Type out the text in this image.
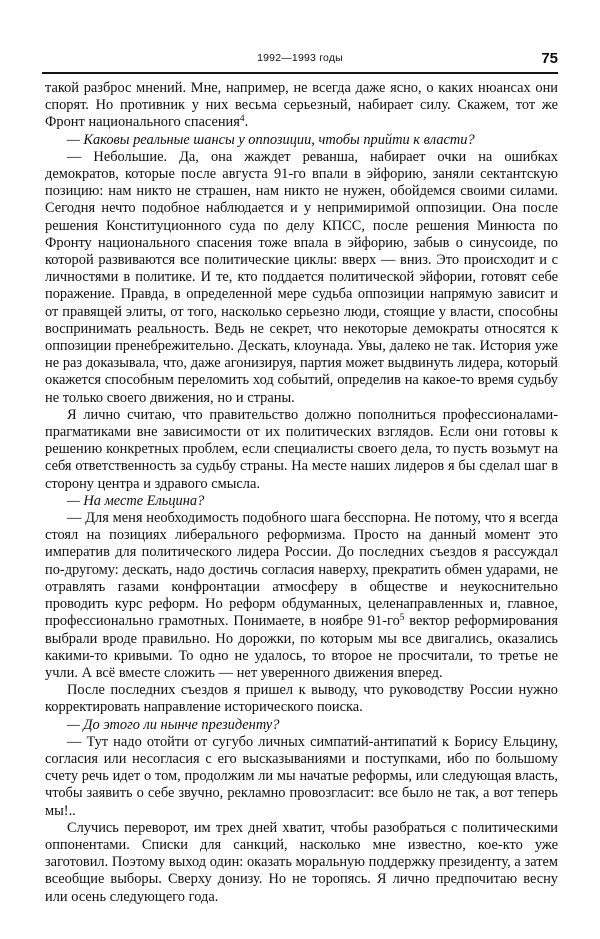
1992—1993 годы	75

такой разброс мнений. Мне, например, не всегда даже ясно, о каких нюансах они спорят. Но противник у них весьма серьезный, набирает силу. Скажем, тот же Фронт национального спасения$^4$.

— Каковы реальные шансы у оппозиции, чтобы прийти к власти?

— Небольшие. Да, она жаждет реванша, набирает очки на ошибках демократов, которые после августа 91-го впали в эйфорию, заняли сектантскую позицию: нам никто не страшен, нам никто не нужен, обойдемся своими силами. Сегодня нечто подобное наблюдается и у непримиримой оппозиции. Она после решения Конституционного суда по делу КПСС, после решения Минюста по Фронту национального спасения тоже впала в эйфорию, забыв о синусоиде, по которой развиваются все политические циклы: вверх — вниз. Это происходит и с личностями в политике. И те, кто поддается политической эйфории, готовят себе поражение. Правда, в определенной мере судьба оппозиции напрямую зависит и от правящей элиты, от того, насколько серьезно люди, стоящие у власти, способны воспринимать реальность. Ведь не секрет, что некоторые демократы относятся к оппозиции пренебрежительно. Дескать, клоунада. Увы, далеко не так. История уже не раз доказывала, что, даже агонизируя, партия может выдвинуть лидера, который окажется способным переломить ход событий, определив на какое-то время судьбу не только своего движения, но и страны.

Я лично считаю, что правительство должно пополниться профессионалами-прагматиками вне зависимости от их политических взглядов. Если они готовы к решению конкретных проблем, если специалисты своего дела, то пусть возьмут на себя ответственность за судьбу страны. На месте наших лидеров я бы сделал шаг в сторону центра и здравого смысла.

— На месте Ельцина?

— Для меня необходимость подобного шага бесспорна. Не потому, что я всегда стоял на позициях либерального реформизма. Просто на данный момент это императив для политического лидера России. До последних съездов я рассуждал по-другому: дескать, надо достичь согласия наверху, прекратить обмен ударами, не отравлять газами конфронтации атмосферу в обществе и неукоснительно проводить курс реформ. Но реформ обдуманных, целенаправленных и, главное, профессионально грамотных. Понимаете, в ноябре $91-го^5$ вектор реформирования выбрали вроде правильно. Но дорожки, по которым мы все двигались, оказались какими-то кривыми. То одно не удалось, то второе не просчитали, то третье не учли. А всё вместе сложить — нет уверенного движения вперед.

После последних съездов я пришел к выводу, что руководству России нужно корректировать направление исторического поиска.

— До этого ли нынче президенту?

— Тут надо отойти от сугубо личных симпатий-антипатий к Борису Ельцину, согласия или несогласия с его высказываниями и поступками, ибо по большому счету речь идет о том, продолжим ли мы начатые реформы, или следующая власть, чтобы заявить о себе звучно, рекламно провозгласит: все было не так, а вот теперь мы!..

Случись переворот, им трех дней хватит, чтобы разобраться с политическими оппонентами. Списки для санкций, насколько мне известно, кое-кто уже заготовил. Поэтому выход один: оказать моральную поддержку президенту, а затем всеобщие выборы. Сверху донизу. Но не торопясь. Я лично предпочитаю весну или осень следующего года.
